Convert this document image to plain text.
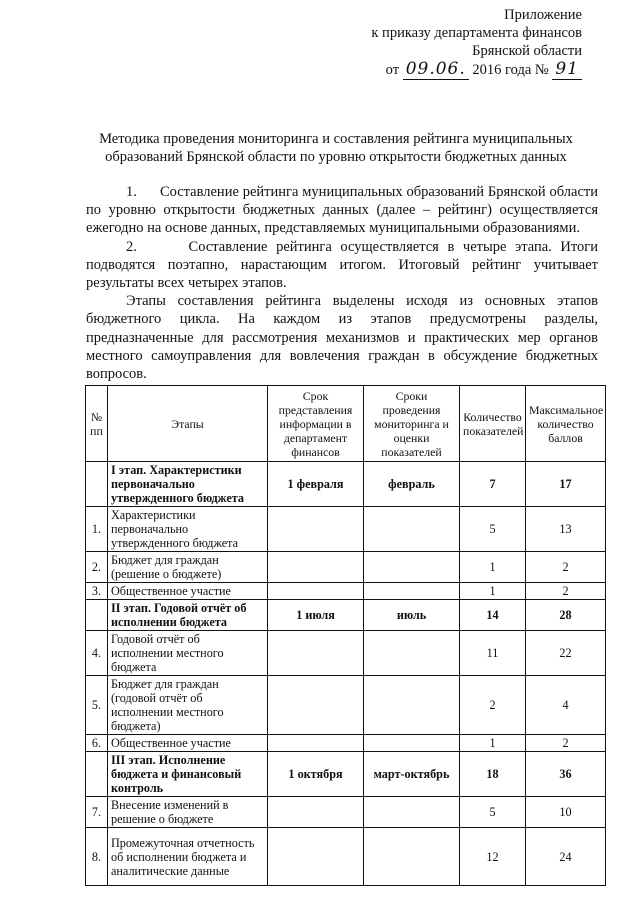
Приложение
к приказу департамента финансов
Брянской области
от 09.06. 2016 года № 91
Методика проведения мониторинга и составления рейтинга муниципальных
образований Брянской области по уровню открытости бюджетных данных

1.      Составление рейтинга муниципальных образований Брянской области по уровню открытости бюджетных данных (далее – рейтинг) осуществляется ежегодно на основе данных, представляемых муниципальными образованиями.

2.      Составление рейтинга осуществляется в четыре этапа. Итоги подводятся поэтапно, нарастающим итогом. Итоговый рейтинг учитывает результаты всех четырех этапов.

Этапы составления рейтинга выделены исходя из основных этапов бюджетного цикла. На каждом из этапов предусмотрены разделы, предназначенные для рассмотрения механизмов и практических мер органов местного самоуправления для вовлечения граждан в обсуждение бюджетных вопросов.

№ пп	Этапы	Срок представления информации в департамент финансов	Сроки проведения мониторинга и оценки показателей	Количество показателей	Максимальное количество баллов
	I этап. Характеристики первоначально утвержденного бюджета	1 февраля	февраль	7	17
1.	Характеристики первоначально утвержденного бюджета			5	13
2.	Бюджет для граждан (решение о бюджете)			1	2
3.	Общественное участие			1	2
	II этап. Годовой отчёт об исполнении бюджета	1 июля	июль	14	28
4.	Годовой отчёт об исполнении местного бюджета			11	22
5.	Бюджет для граждан (годовой отчёт об исполнении местного бюджета)			2	4
6.	Общественное участие			1	2
	III этап. Исполнение бюджета и финансовый контроль	1 октября	март-октябрь	18	36
7.	Внесение изменений в решение о бюджете			5	10
8.	Промежуточная отчетность об исполнении бюджета и аналитические данные			12	24
